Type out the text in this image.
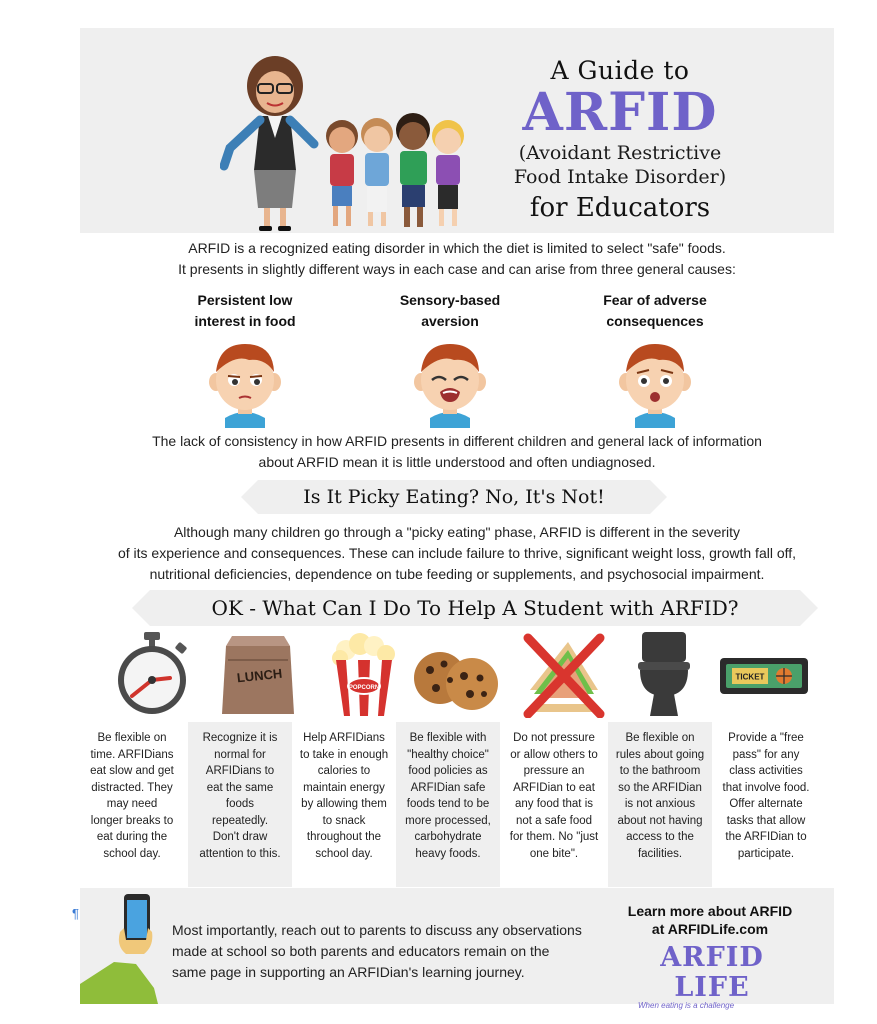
A Guide to
ARFID
(Avoidant Restrictive
Food Intake Disorder)
for Educators
ARFID is a recognized eating disorder in which the diet is limited to select "safe" foods.
It presents in slightly different ways in each case and can arise from three general causes:
Persistent low
interest in food
Sensory-based
aversion
Fear of adverse
consequences
The lack of consistency in how ARFID presents in different children and general lack of information
about ARFID mean it is little understood and often undiagnosed.
Is It Picky Eating? No, It's Not!
Although many children go through a "picky eating" phase, ARFID is different in the severity
of its experience and consequences. These can include failure to thrive, significant weight loss, growth fall off,
nutritional deficiencies, dependence on tube feeding or supplements, and psychosocial impairment.
OK - What Can I Do To Help A Student with ARFID?
LUNCH
POPCORN
TICKET
Be flexible on
time. ARFIDians
eat slow and get
distracted. They
may need
longer breaks to
eat during the
school day.
Recognize it is
normal for
ARFIDians to
eat the same
foods
repeatedly.
Don't draw
attention to this.
Help ARFIDians
to take in enough
calories to
maintain energy
by allowing them
to snack
throughout the
school day.
Be flexible with
"healthy choice"
food policies as
ARFIDian safe
foods tend to be
more processed,
carbohydrate
heavy foods.
Do not pressure
or allow others to
pressure an
ARFIDian to eat
any food that is
not a safe food
for them. No "just
one bite".
Be flexible on
rules about going
to the bathroom
so the ARFIDian
is not anxious
about not having
access to the
facilities.
Provide a "free
pass" for any
class activities
that involve food.
Offer alternate
tasks that allow
the ARFIDian to
participate.
¶
Most importantly, reach out to parents to discuss any observations
made at school so both parents and educators remain on the
same page in supporting an ARFIDian's learning journey.
Learn more about ARFID
at ARFIDLife.com
ARFID LIFE
When eating is a challenge
